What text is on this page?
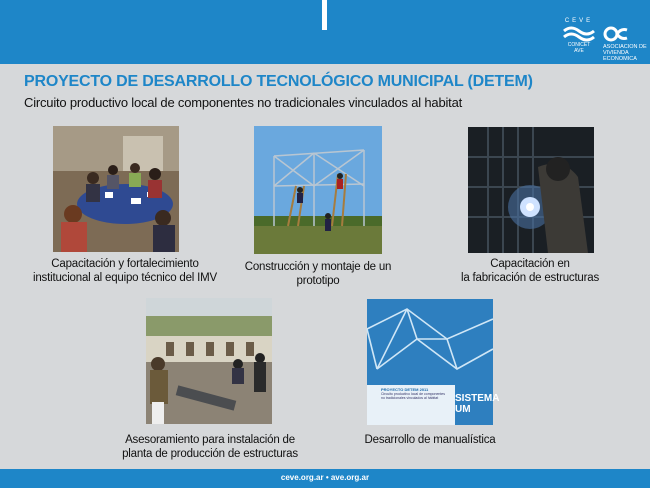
CEVE
CONICET
AVE
ASOCIACION DE VIVIENDA ECONOMICA
PROYECTO DE DESARROLLO TECNOLÓGICO MUNICIPAL (DETEM)
Circuito productivo local de componentes no tradicionales vinculados al habitat
PROYECTO DETEM 2011
Circuito productivo local de componentes
no tradicionales vinculados al hábitat	SISTEMA UM
Capacitación y fortalecimiento
institucional al equipo técnico del IMV
Construcción y montaje de un
prototipo
Capacitación en
la fabricación de estructuras
Asesoramiento para instalación de
planta de producción de estructuras
Desarrollo de manualística
ceve.org.ar • ave.org.ar
